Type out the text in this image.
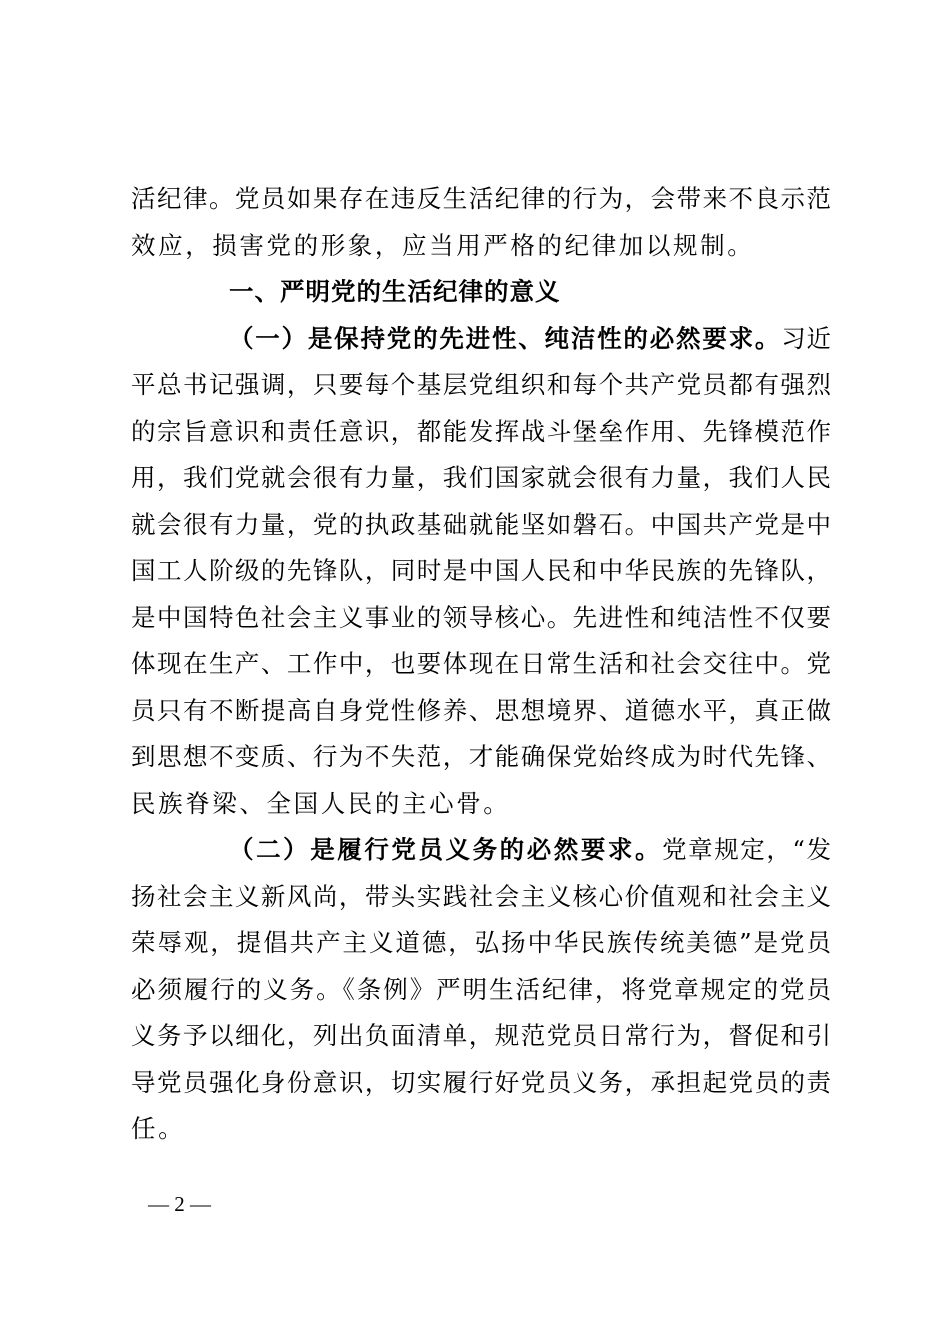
活纪律。党员如果存在违反生活纪律的行为，会带来不良示范
效应，损害党的形象，应当用严格的纪律加以规制。
一、严明党的生活纪律的意义
（一）是保持党的先进性、纯洁性的必然要求。习近
平总书记强调，只要每个基层党组织和每个共产党员都有强烈
的宗旨意识和责任意识，都能发挥战斗堡垒作用、先锋模范作
用，我们党就会很有力量，我们国家就会很有力量，我们人民
就会很有力量，党的执政基础就能坚如磐石。中国共产党是中
国工人阶级的先锋队，同时是中国人民和中华民族的先锋队，
是中国特色社会主义事业的领导核心。先进性和纯洁性不仅要
体现在生产、工作中，也要体现在日常生活和社会交往中。党
员只有不断提高自身党性修养、思想境界、道德水平，真正做
到思想不变质、行为不失范，才能确保党始终成为时代先锋、
民族脊梁、全国人民的主心骨。
（二）是履行党员义务的必然要求。党章规定，“发
扬社会主义新风尚，带头实践社会主义核心价值观和社会主义
荣辱观，提倡共产主义道德，弘扬中华民族传统美德”是党员
必须履行的义务。《条例》严明生活纪律，将党章规定的党员
义务予以细化，列出负面清单，规范党员日常行为，督促和引
导党员强化身份意识，切实履行好党员义务，承担起党员的责
任。
— 2 —
